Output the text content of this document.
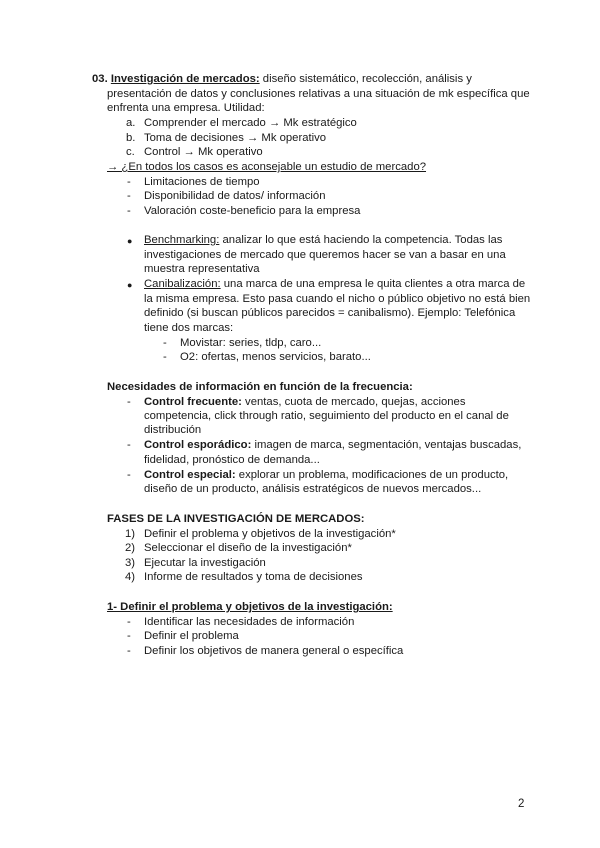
03. Investigación de mercados: diseño sistemático, recolección, análisis y
presentación de datos y conclusiones relativas a una situación de mk específica que
enfrenta una empresa. Utilidad:
a. Comprender el mercado → Mk estratégico
b. Toma de decisiones → Mk operativo
c. Control → Mk operativo
→ ¿En todos los casos es aconsejable un estudio de mercado?
- Limitaciones de tiempo
- Disponibilidad de datos/ información
- Valoración coste-beneficio para la empresa
● Benchmarking: analizar lo que está haciendo la competencia. Todas las
investigaciones de mercado que queremos hacer se van a basar en una
muestra representativa
● Canibalización: una marca de una empresa le quita clientes a otra marca de
la misma empresa. Esto pasa cuando el nicho o público objetivo no está bien
definido (si buscan públicos parecidos = canibalismo). Ejemplo: Telefónica
tiene dos marcas:
- Movistar: series, tldp, caro...
- O2: ofertas, menos servicios, barato...
Necesidades de información en función de la frecuencia:
- Control frecuente: ventas, cuota de mercado, quejas, acciones
competencia, click through ratio, seguimiento del producto en el canal de
distribución
- Control esporádico: imagen de marca, segmentación, ventajas buscadas,
fidelidad, pronóstico de demanda...
- Control especial: explorar un problema, modificaciones de un producto,
diseño de un producto, análisis estratégicos de nuevos mercados...
FASES DE LA INVESTIGACIÓN DE MERCADOS:
1) Definir el problema y objetivos de la investigación*
2) Seleccionar el diseño de la investigación*
3) Ejecutar la investigación
4) Informe de resultados y toma de decisiones
1- Definir el problema y objetivos de la investigación:
- Identificar las necesidades de información
- Definir el problema
- Definir los objetivos de manera general o específica
2
